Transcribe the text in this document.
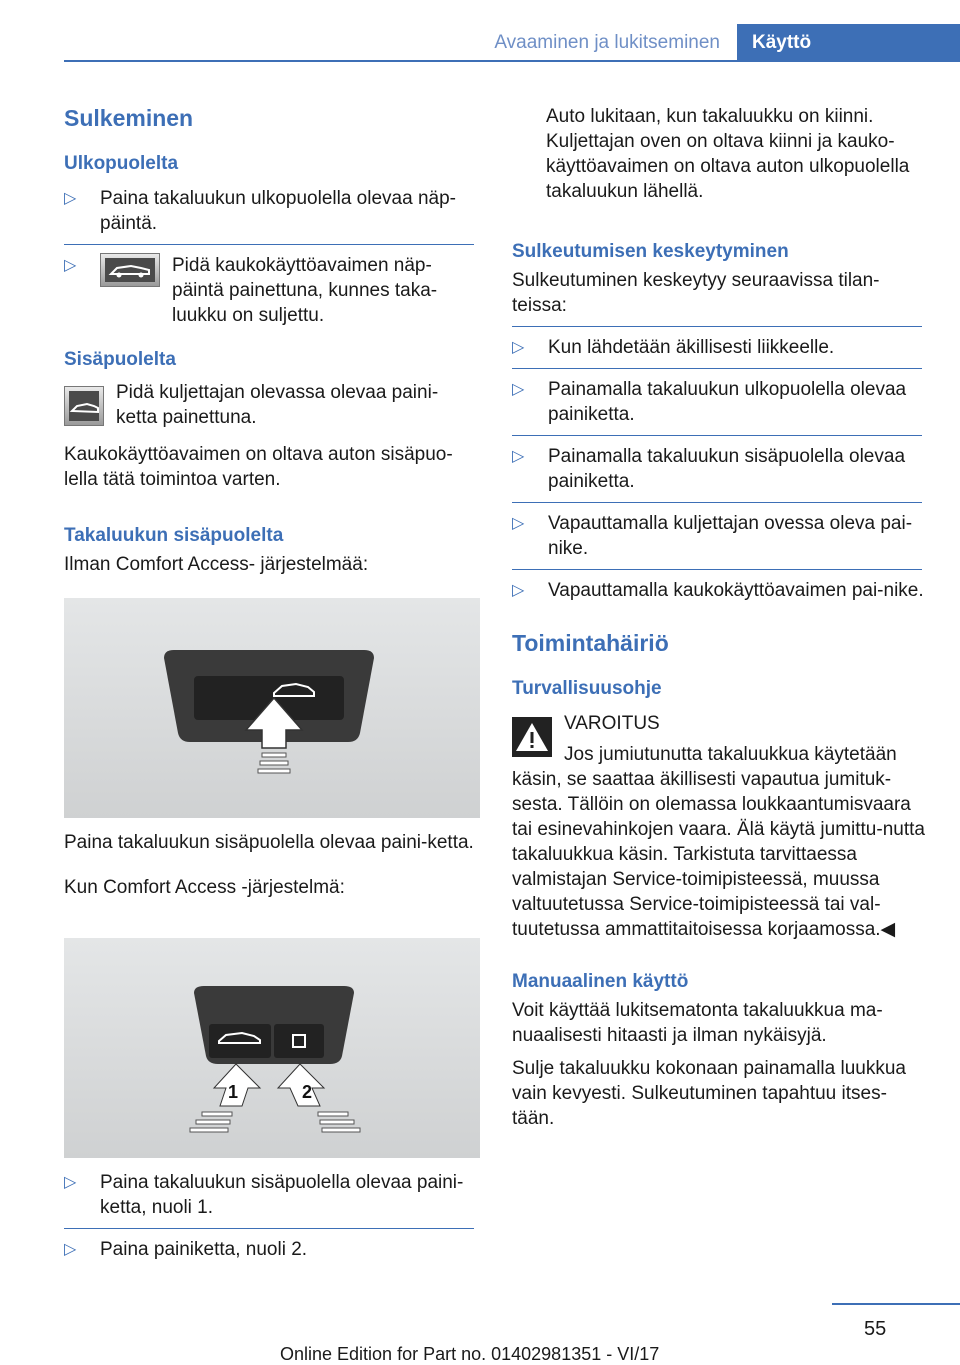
Avaaminen ja lukitseminen Käyttö

Sulkeminen

Ulkopuolelta

▷ Paina takaluukun ulkopuolella olevaa näp‐päintä.
▷	Pidä kaukokäyttöavaimen näp‐päintä painettuna, kunnes taka‐luukku on suljettu.

Sisäpuolelta

Pidä kuljettajan olevassa olevaa paini‐ketta painettuna.

Kaukokäyttöavaimen on oltava auton sisäpuo‐lella tätä toimintoa varten.

Takaluukun sisäpuolelta

Ilman Comfort Access- järjestelmää:

Paina takaluukun sisäpuolella olevaa paini‐ketta.

Kun Comfort Access -järjestelmä:

1	2
▷ Paina takaluukun sisäpuolella olevaa paini‐ketta, nuoli 1.
▷ Paina painiketta, nuoli 2.

Auto lukitaan, kun takaluukku on kiinni. Kuljettajan oven on oltava kiinni ja kauko‐käyttöavaimen on oltava auton ulkopuolella takaluukun lähellä.

Sulkeutumisen keskeytyminen

Sulkeutuminen keskeytyy seuraavissa tilan‐teissa:

▷ Kun lähdetään äkillisesti liikkeelle.
▷ Painamalla takaluukun ulkopuolella olevaa painiketta.
▷ Painamalla takaluukun sisäpuolella olevaa painiketta.
▷ Vapauttamalla kuljettajan ovessa oleva pai‐nike.
▷ Vapauttamalla kaukokäyttöavaimen pai‐nike.

Toimintahäiriö

Turvallisuusohje

VAROITUS

Jos jumiutunutta takaluukkua käytetään käsin, se saattaa äkillisesti vapautua jumituk‐sesta. Tällöin on olemassa loukkaantumisvaara tai esinevahinkojen vaara. Älä käytä jumittu‐nutta takaluukkua käsin. Tarkistuta tarvittaessa valmistajan Service-toimipisteessä, muussa valtuutetussa Service-toimipisteessä tai val‐tuutetussa ammattitaitoisessa korjaamossa.◀

Manuaalinen käyttö

Voit käyttää lukitsematonta takaluukkua ma‐nuaalisesti hitaasti ja ilman nykäisyjä.

Sulje takaluukku kokonaan painamalla luukkua vain kevyesti. Sulkeutuminen tapahtuu itses‐tään.

55
Online Edition for Part no. 01402981351 - VI/17
